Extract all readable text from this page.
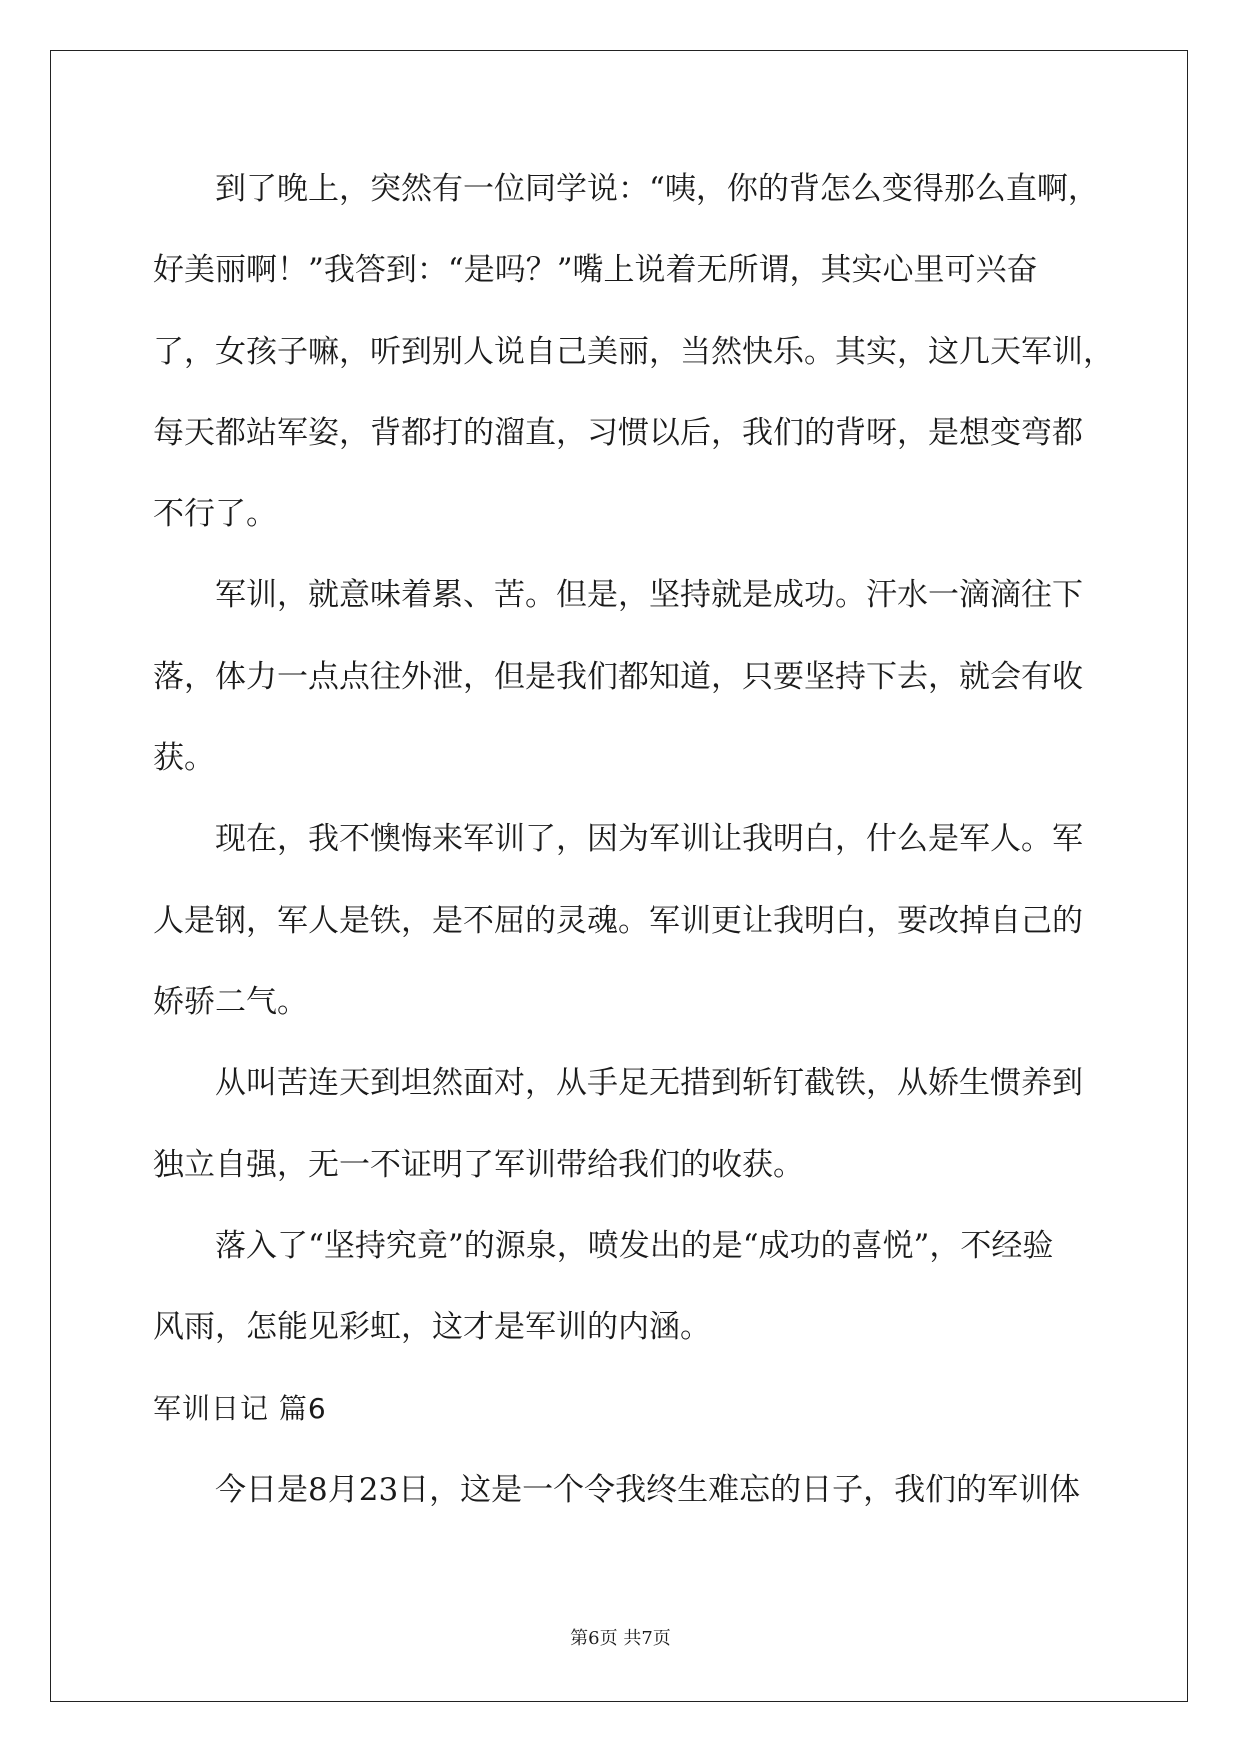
到了晚上，突然有一位同学说：“咦，你的背怎么变得那么直啊，
好美丽啊！”我答到：“是吗？”嘴上说着无所谓，其实心里可兴奋
了，女孩子嘛，听到别人说自己美丽，当然快乐。其实，这几天军训，
每天都站军姿，背都打的溜直，习惯以后，我们的背呀，是想变弯都
不行了。
军训，就意味着累、苦。但是，坚持就是成功。汗水一滴滴往下
落，体力一点点往外泄，但是我们都知道，只要坚持下去，就会有收
获。
现在，我不懊悔来军训了，因为军训让我明白，什么是军人。军
人是钢，军人是铁，是不屈的灵魂。军训更让我明白，要改掉自己的
娇骄二气。
从叫苦连天到坦然面对，从手足无措到斩钉截铁，从娇生惯养到
独立自强，无一不证明了军训带给我们的收获。
落入了“坚持究竟”的源泉，喷发出的是“成功的喜悦”，不经验
风雨，怎能见彩虹，这才是军训的内涵。
军训日记 篇6
今日是8月23日，这是一个令我终生难忘的日子，我们的军训体
第6页 共7页
